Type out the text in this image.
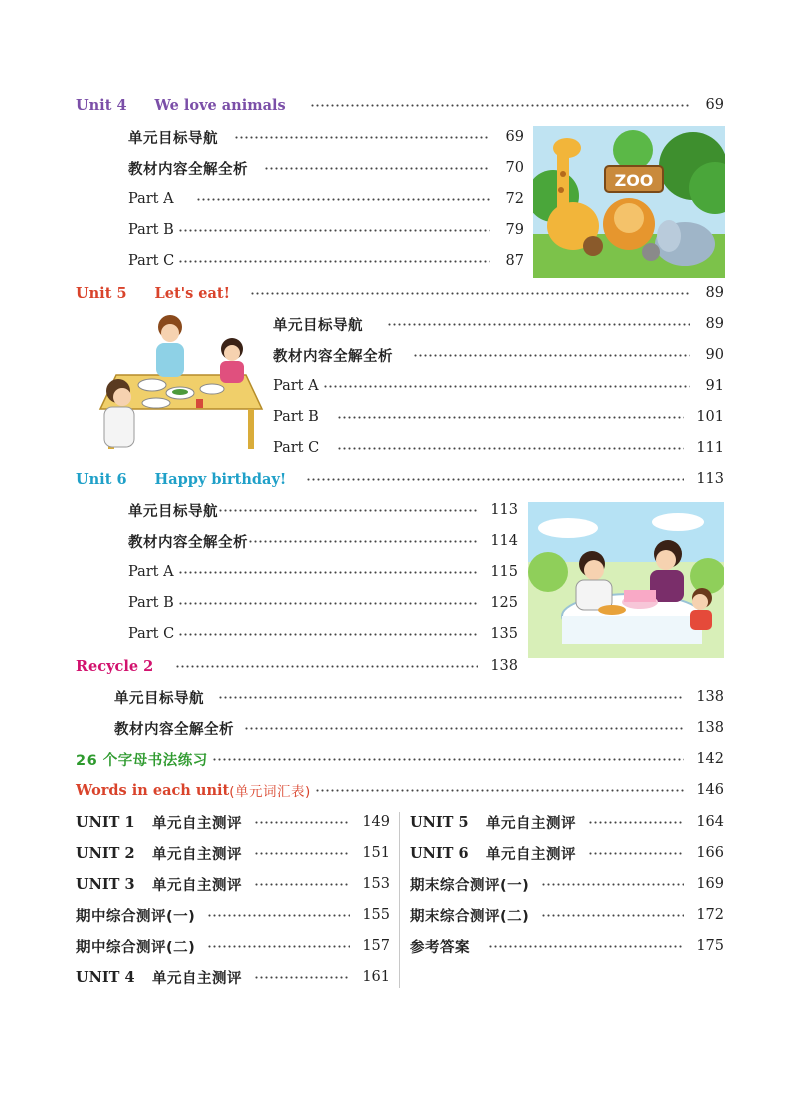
Unit 4 We love animals	69
单元目标导航	69
教材内容全解全析	70
Part A	72
Part B	79
Part C	87
ZOO
Unit 5 Let's eat!	89
单元目标导航	89
教材内容全解全析	90
Part A	91
Part B	101
Part C	111
Unit 6 Happy birthday!	113
单元目标导航	113
教材内容全解全析	114
Part A	115
Part B	125
Part C	135
Recycle 2	138
单元目标导航	138
教材内容全解全析	138
26 个字母书法练习	142
Words in each unit (单元词汇表)	146
UNIT 1	单元自主测评	149
UNIT 2	单元自主测评	151
UNIT 3	单元自主测评	153
期中综合测评(一)	155
期中综合测评(二)	157
UNIT 4	单元自主测评	161
UNIT 5	单元自主测评	164
UNIT 6	单元自主测评	166
期末综合测评(一)	169
期末综合测评(二)	172
参考答案	175
